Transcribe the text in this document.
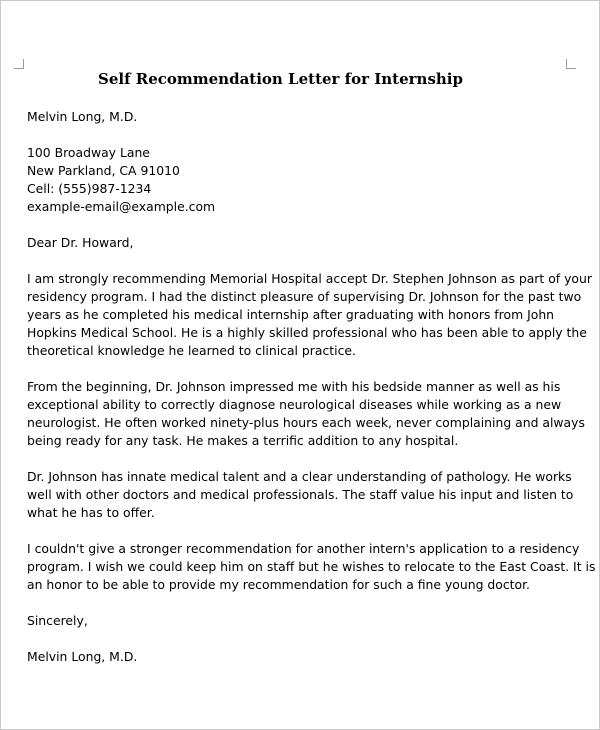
Self Recommendation Letter for Internship

Melvin Long, M.D.

100 Broadway Lane
New Parkland, CA 91010
Cell: (555)987-1234
example-email@example.com

Dear Dr. Howard,

I am strongly recommending Memorial Hospital accept Dr. Stephen Johnson as part of your
residency program. I had the distinct pleasure of supervising Dr. Johnson for the past two
years as he completed his medical internship after graduating with honors from John
Hopkins Medical School. He is a highly skilled professional who has been able to apply the
theoretical knowledge he learned to clinical practice.

From the beginning, Dr. Johnson impressed me with his bedside manner as well as his
exceptional ability to correctly diagnose neurological diseases while working as a new
neurologist. He often worked ninety-plus hours each week, never complaining and always
being ready for any task. He makes a terrific addition to any hospital.

Dr. Johnson has innate medical talent and a clear understanding of pathology. He works
well with other doctors and medical professionals. The staff value his input and listen to
what he has to offer.

I couldn't give a stronger recommendation for another intern's application to a residency
program. I wish we could keep him on staff but he wishes to relocate to the East Coast. It is
an honor to be able to provide my recommendation for such a fine young doctor.

Sincerely,

Melvin Long, M.D.
